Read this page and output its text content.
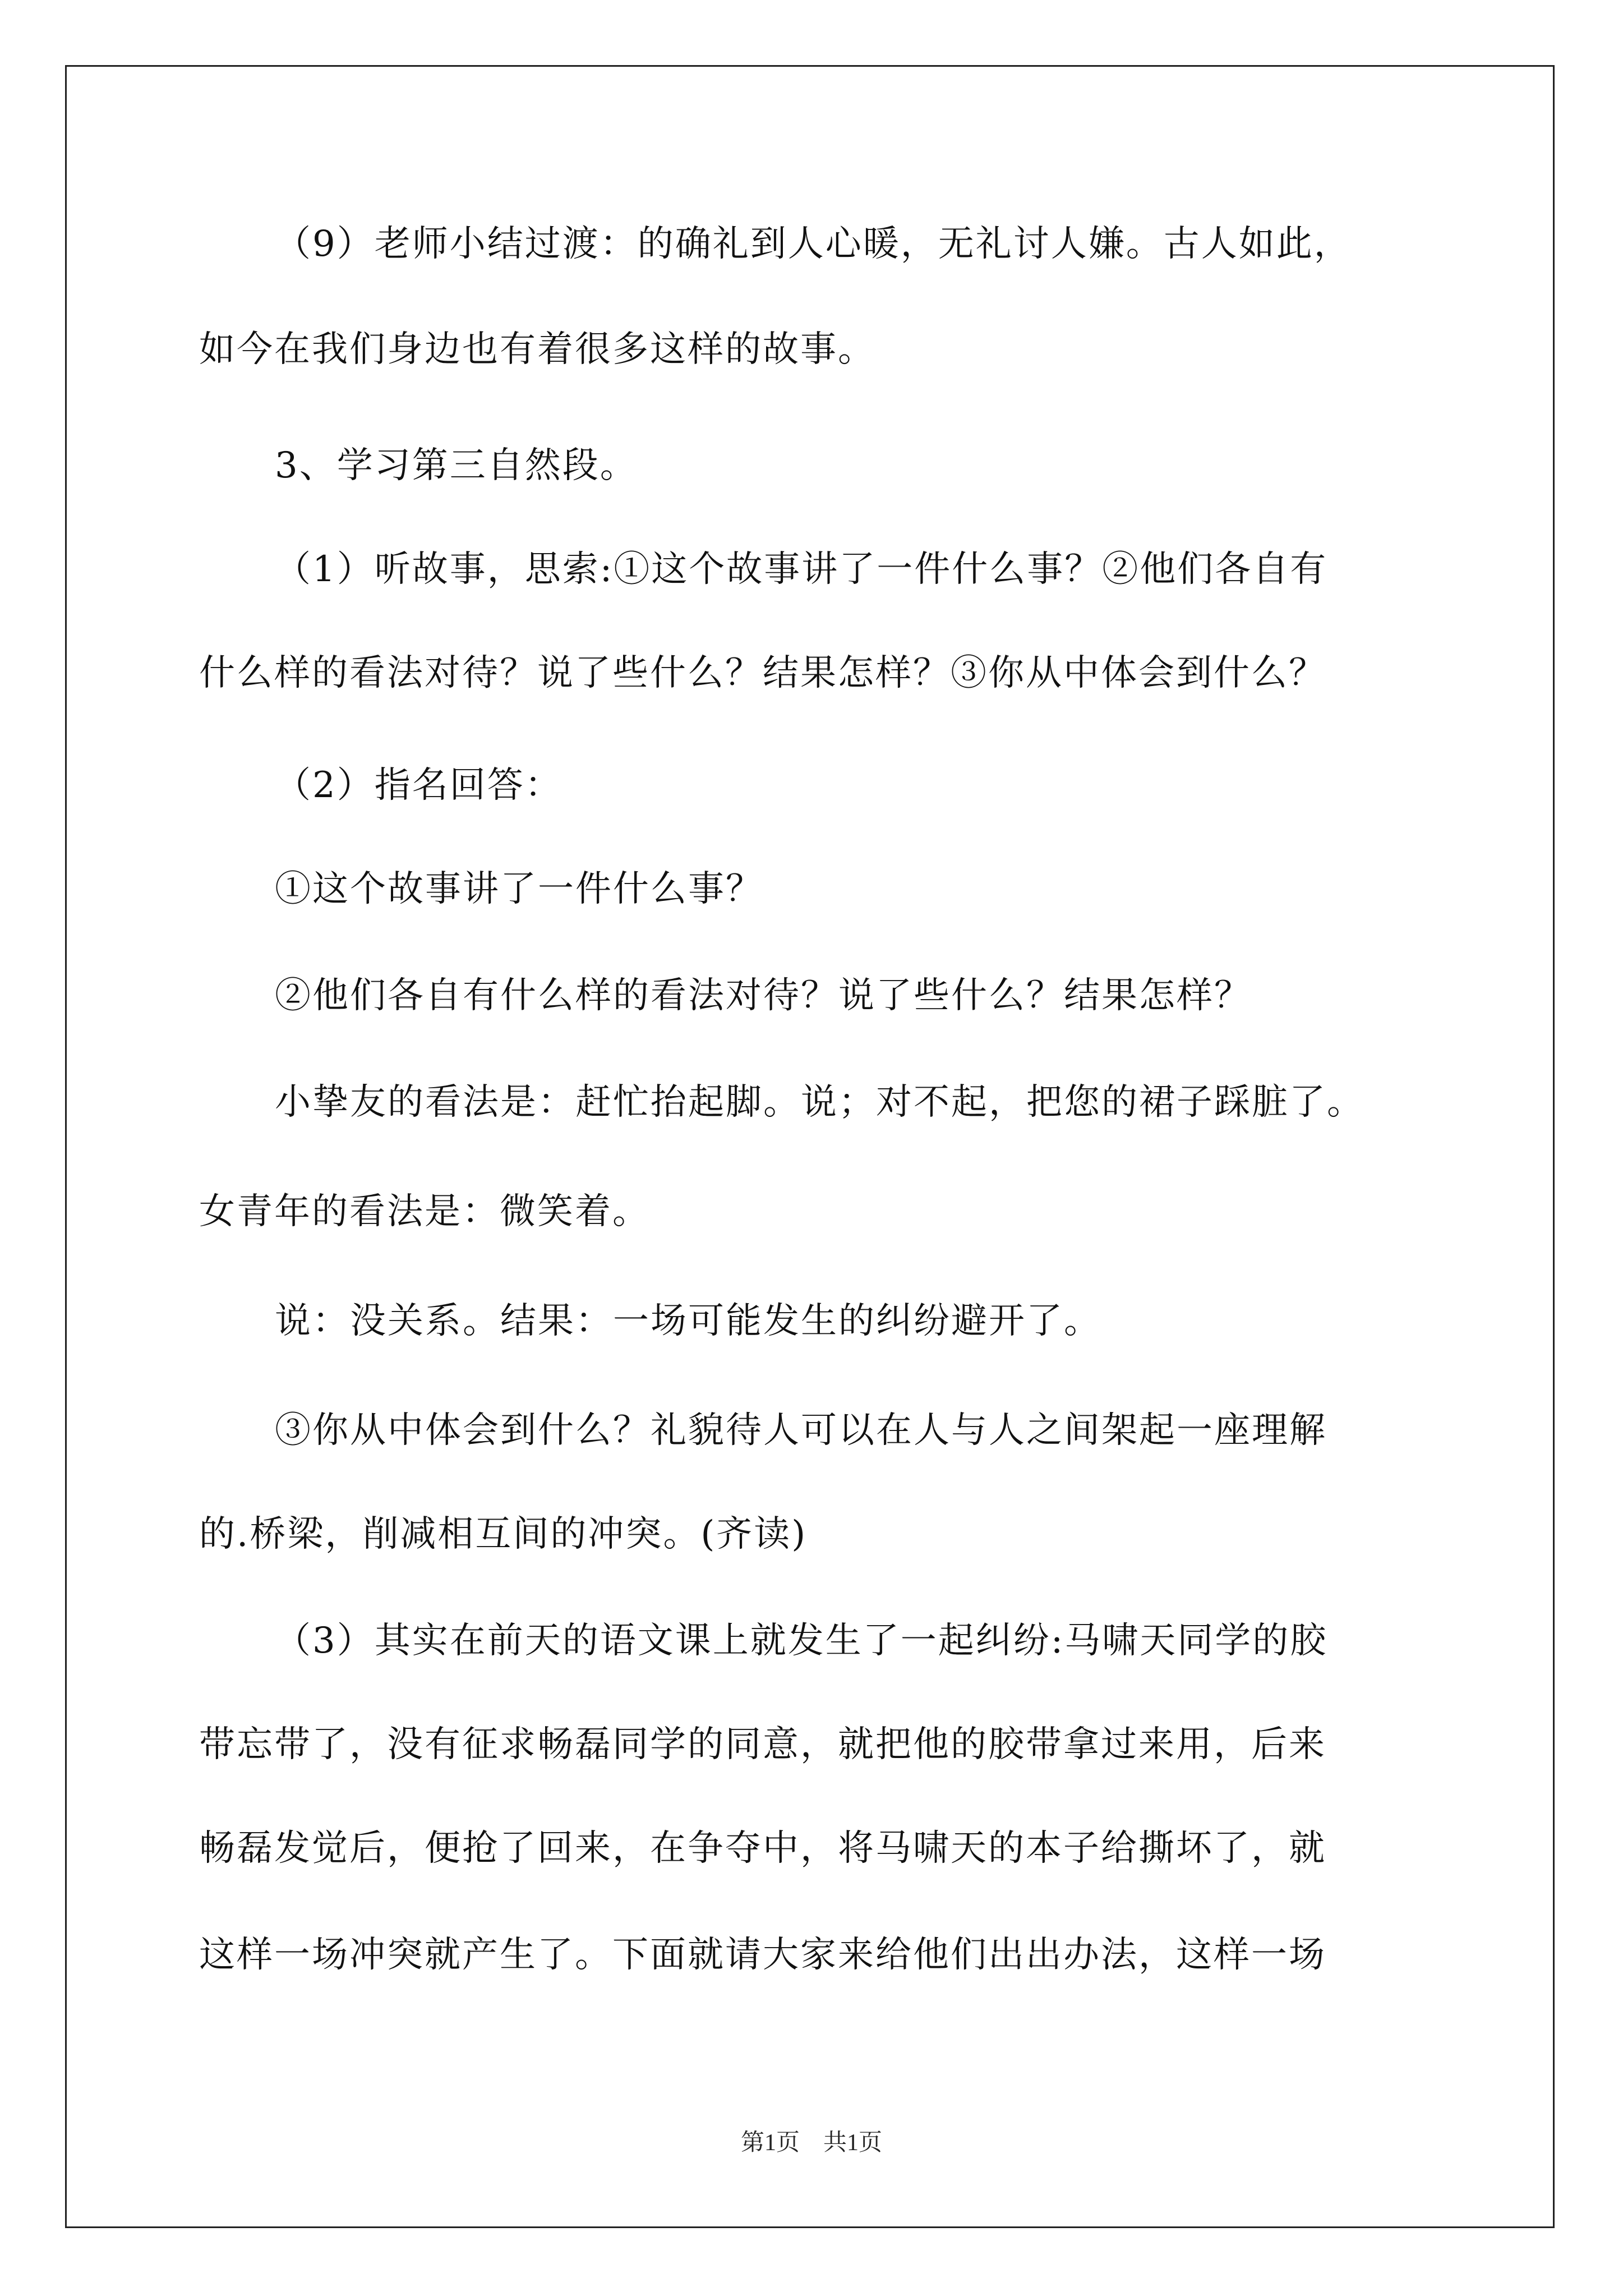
（9）老师小结过渡：的确礼到人心暖，无礼讨人嫌。古人如此，
如今在我们身边也有着很多这样的故事。
3、学习第三自然段。
（1）听故事，思索:①这个故事讲了一件什么事？②他们各自有
什么样的看法对待？说了些什么？结果怎样？③你从中体会到什么？
（2）指名回答：
①这个故事讲了一件什么事？
②他们各自有什么样的看法对待？说了些什么？结果怎样？
小挚友的看法是：赶忙抬起脚。说；对不起，把您的裙子踩脏了。
女青年的看法是：微笑着。
说：没关系。结果：一场可能发生的纠纷避开了。
③你从中体会到什么？礼貌待人可以在人与人之间架起一座理解
的.桥梁，削减相互间的冲突。(齐读)
（3）其实在前天的语文课上就发生了一起纠纷:马啸天同学的胶
带忘带了，没有征求畅磊同学的同意，就把他的胶带拿过来用，后来
畅磊发觉后，便抢了回来，在争夺中，将马啸天的本子给撕坏了，就
这样一场冲突就产生了。下面就请大家来给他们出出办法，这样一场
第1页　共1页
